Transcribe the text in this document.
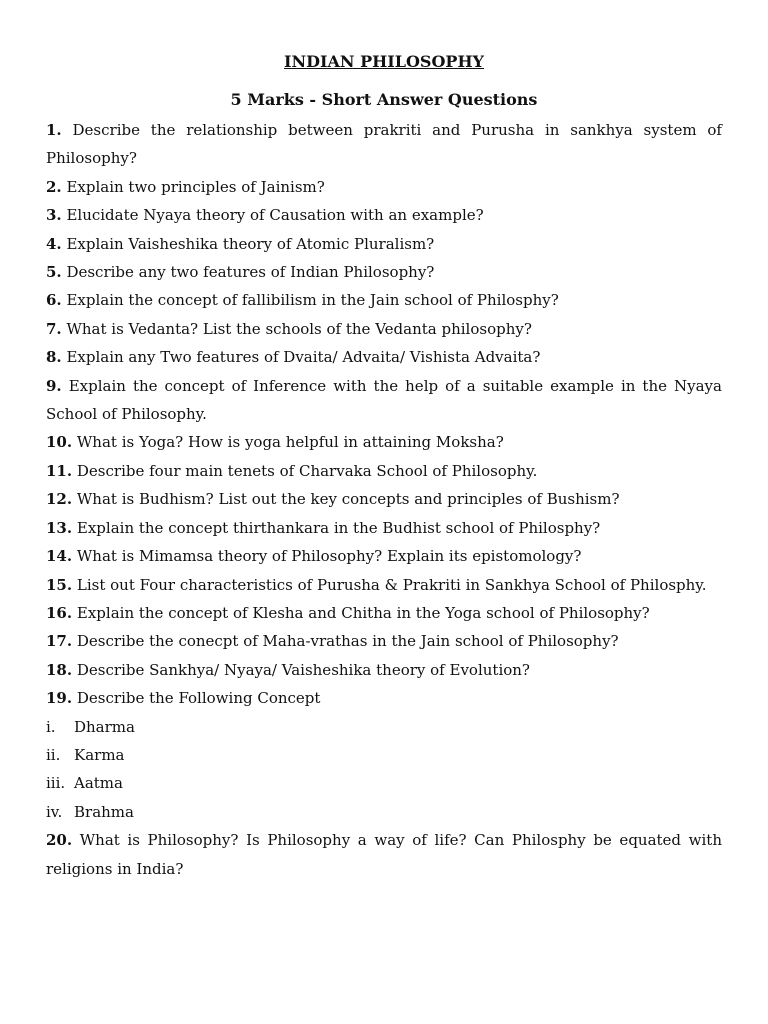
INDIAN PHILOSOPHY
5 Marks - Short Answer Questions

1. Describe the relationship between prakriti and Purusha in sankhya system of Philosophy?

2. Explain two principles of Jainism?

3. Elucidate Nyaya theory of Causation with an example?

4. Explain Vaisheshika theory of Atomic Pluralism?

5. Describe any two features of Indian Philosophy?

6. Explain the concept of fallibilism in the Jain school of Philosphy?

7. What is Vedanta? List the schools of the Vedanta philosophy?

8. Explain any Two features of Dvaita/ Advaita/ Vishista Advaita?

9. Explain the concept of Inference with the help of a suitable example in the Nyaya School of Philosophy.

10. What is Yoga? How is yoga helpful in attaining Moksha?

11. Describe four main tenets of Charvaka School of Philosophy.

12. What is Budhism? List out the key concepts and principles of Bushism?

13. Explain the concept thirthankara in the Budhist school of Philosphy?

14. What is Mimamsa theory of Philosophy? Explain its epistomology?

15. List out Four characteristics of Purusha & Prakriti in Sankhya School of Philosphy.

16. Explain the concept of Klesha and Chitha in the Yoga school of Philosophy?

17. Describe the conecpt of Maha-vrathas in the Jain school of Philosophy?

18. Describe Sankhya/ Nyaya/ Vaisheshika theory of Evolution?

19. Describe the Following Concept

i.	Dharma
ii. Karma
iii. Aatma
iv. Brahma

20. What is Philosophy? Is Philosophy a way of life? Can Philosphy be equated with religions in India?
